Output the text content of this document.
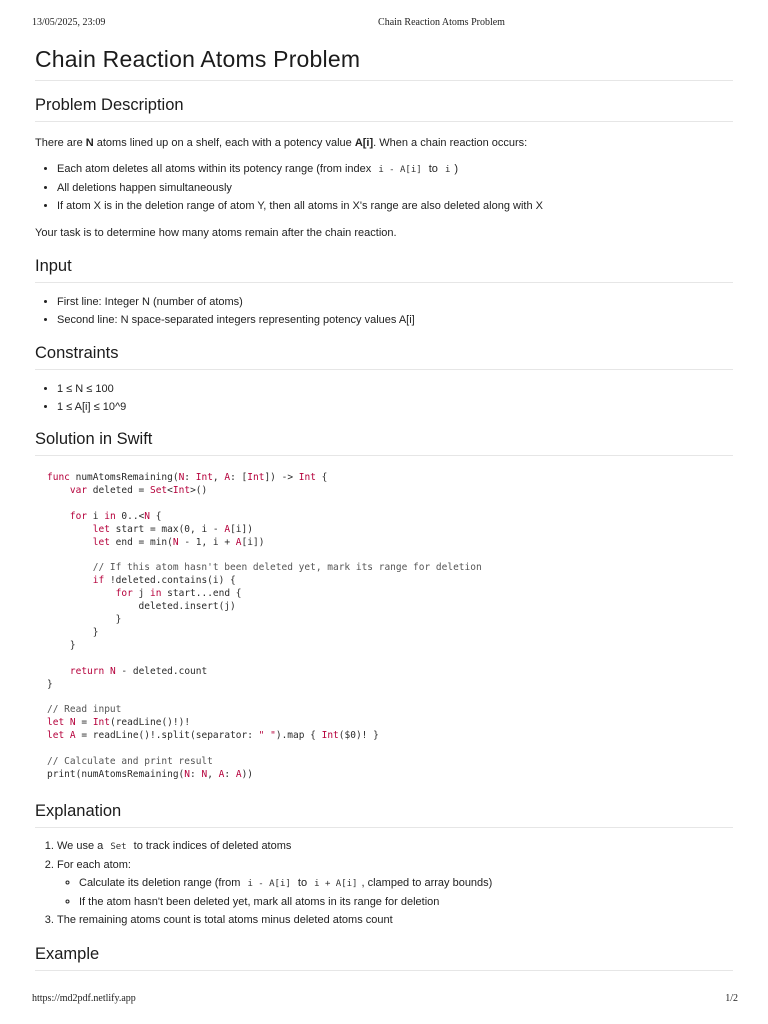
13/05/2025, 23:09	Chain Reaction Atoms Problem
Chain Reaction Atoms Problem
Problem Description

There are N atoms lined up on a shelf, each with a potency value A[i]. When a chain reaction occurs:

• Each atom deletes all atoms within its potency range (from index i - A[i] to i )
• All deletions happen simultaneously
• If atom X is in the deletion range of atom Y, then all atoms in X's range are also deleted along with X

Your task is to determine how many atoms remain after the chain reaction.

Input
• First line: Integer N (number of atoms)
• Second line: N space-separated integers representing potency values A[i]
Constraints
• 1 ≤ N ≤ 100
• 1 ≤ A[i] ≤ 10^9
Solution in Swift
func numAtomsRemaining(N: Int, A: [Int]) -> Int {
var deleted = Set<Int>()

for i in 0..<N {
let start = max(0, i - A[i])
let end = min(N - 1, i + A[i])

// If this atom hasn't been deleted yet, mark its range for deletion
if !deleted.contains(i) {
for j in start...end {
deleted.insert(j)
}
}
}

return N - deleted.count
}

// Read input
let N = Int(readLine()!)!
let A = readLine()!.split(separator: " ").map { Int($0)! }

// Calculate and print result
print(numAtomsRemaining(N: N, A: A))
Explanation
1. We use a Set to track indices of deleted atoms
2. For each atom:
◦ Calculate its deletion range (from i - A[i] to i + A[i] , clamped to array bounds)
◦ If the atom hasn't been deleted yet, mark all atoms in its range for deletion
3. The remaining atoms count is total atoms minus deleted atoms count
Example
https://md2pdf.netlify.app	1/2
